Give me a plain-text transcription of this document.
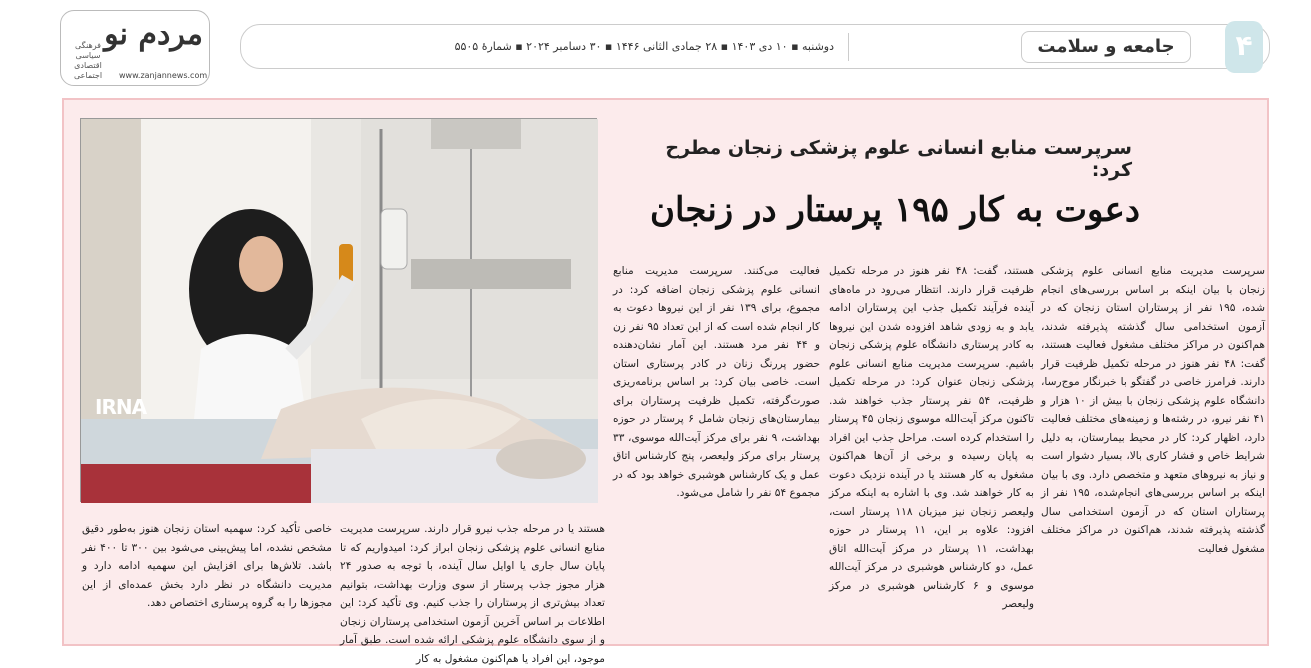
مردم نو
فرهنگی سیاسی اقتصادی اجتماعی	www.zanjannews.com
دوشنبه ▪ ۱۰ دی ۱۴۰۳ ▪ ۲۸ جمادی الثانی ۱۴۴۶ ▪ ۳۰ دسامبر ۲۰۲۴ ▪ شمارهٔ ۵۵۰۵	جامعه و سلامت	۴
IRNA
سرپرست منابع انسانی علوم پزشکی زنجان مطرح کرد:
دعوت به کار ۱۹۵ پرستار در زنجان
سرپرست مدیریت منابع انسانی علوم پزشکی زنجان با بیان اینکه بر اساس بررسی‌های انجام شده، ۱۹۵ نفر از پرستاران استان زنجان که در آزمون استخدامی سال گذشته پذیرفته شدند، هم‌اکنون در مراکز مختلف مشغول فعالیت هستند، گفت: ۴۸ نفر هنوز در مرحله تکمیل ظرفیت قرار دارند. فرامرز خاصی در گفتگو با خبرنگار موج‌رسا، دانشگاه علوم پزشکی زنجان با بیش از ۱۰ هزار و ۴۱ نفر نیرو، در رشته‌ها و زمینه‌های مختلف فعالیت دارد، اظهار کرد: کار در محیط بیمارستان، به دلیل شرایط خاص و فشار کاری بالا، بسیار دشوار است و نیاز به نیروهای متعهد و متخصص دارد. وی با بیان اینکه بر اساس بررسی‌های انجام‌شده، ۱۹۵ نفر از پرستاران استان که در آزمون استخدامی سال گذشته پذیرفته شدند، هم‌اکنون در مراکز مختلف مشغول فعالیت
هستند، گفت: ۴۸ نفر هنوز در مرحله تکمیل ظرفیت قرار دارند. انتظار می‌رود در ماه‌های آینده فرآیند تکمیل جذب این پرستاران ادامه یابد و به زودی شاهد افزوده شدن این نیروها به کادر پرستاری دانشگاه علوم پزشکی زنجان باشیم. سرپرست مدیریت منابع انسانی علوم پزشکی زنجان عنوان کرد: در مرحله تکمیل ظرفیت، ۵۴ نفر پرستار جذب خواهند شد. تاکنون مرکز آیت‌الله موسوی زنجان ۴۵ پرستار را استخدام کرده است. مراحل جذب این افراد به پایان رسیده و برخی از آن‌ها هم‌اکنون مشغول به کار هستند یا در آینده نزدیک دعوت به کار خواهند شد. وی با اشاره به اینکه مرکز ولیعصر زنجان نیز میزبان ۱۱۸ پرستار است، افزود: علاوه بر این، ۱۱ پرستار در حوزه بهداشت، ۱۱ پرستار در مرکز آیت‌الله اتاق عمل، دو کارشناس هوشبری در مرکز آیت‌الله موسوی و ۶ کارشناس هوشبری در مرکز ولیعصر
فعالیت می‌کنند. سرپرست مدیریت منابع انسانی علوم پزشکی زنجان اضافه کرد: در مجموع، برای ۱۳۹ نفر از این نیروها دعوت به کار انجام شده است که از این تعداد ۹۵ نفر زن و ۴۴ نفر مرد هستند. این آمار نشان‌دهنده حضور پررنگ زنان در کادر پرستاری استان است. خاصی بیان کرد: بر اساس برنامه‌ریزی صورت‌گرفته، تکمیل ظرفیت پرستاران برای بیمارستان‌های زنجان شامل ۶ پرستار در حوزه بهداشت، ۹ نفر برای مرکز آیت‌الله موسوی، ۳۳ پرستار برای مرکز ولیعصر، پنج کارشناس اتاق عمل و یک کارشناس هوشبری خواهد بود که در مجموع ۵۴ نفر را شامل می‌شود.
هستند یا در مرحله جذب نیرو قرار دارند. سرپرست مدیریت منابع انسانی علوم پزشکی زنجان ابراز کرد: امیدواریم که تا پایان سال جاری یا اوایل سال آینده، با توجه به صدور ۲۴ هزار مجوز جذب پرستار از سوی وزارت بهداشت، بتوانیم تعداد بیش‌تری از پرستاران را جذب کنیم. وی تأکید کرد: این اطلاعات بر اساس آخرین آزمون استخدامی پرستاران زنجان و از سوی دانشگاه علوم پزشکی ارائه شده است. طبق آمار موجود، این افراد یا هم‌اکنون مشغول به کار
خاصی تأکید کرد: سهمیه استان زنجان هنوز به‌طور دقیق مشخص نشده، اما پیش‌بینی می‌شود بین ۳۰۰ تا ۴۰۰ نفر باشد. تلاش‌ها برای افزایش این سهمیه ادامه دارد و مدیریت دانشگاه در نظر دارد بخش عمده‌ای از این مجوزها را به گروه پرستاری اختصاص دهد.
